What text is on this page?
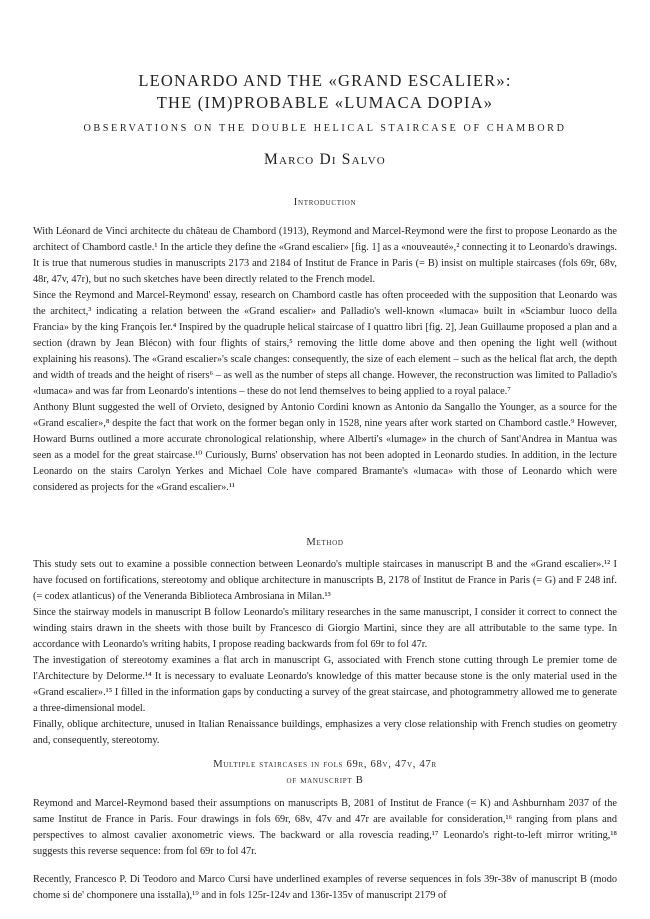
LEONARDO AND THE «GRAND ESCALIER»:
THE (IM)PROBABLE «LUMACA DOPIA»
OBSERVATIONS ON THE DOUBLE HELICAL STAIRCASE OF CHAMBORD
Marco Di Salvo
Introduction

With Léonard de Vinci architecte du château de Chambord (1913), Reymond and Marcel-Reymond were the first to propose Leonardo as the architect of Chambord castle.¹ In the article they define the «Grand escalier» [fig. 1] as a «nouveauté»,² connecting it to Leonardo's drawings. It is true that numerous studies in manuscripts 2173 and 2184 of Institut de France in Paris (= B) insist on multiple staircases (fols 69r, 68v, 48r, 47v, 47r), but no such sketches have been directly related to the French model.

Since the Reymond and Marcel-Reymond' essay, research on Chambord castle has often proceeded with the supposition that Leonardo was the architect,³ indicating a relation between the «Grand escalier» and Palladio's well-known «lumaca» built in «Sciambur luoco della Francia» by the king François Ier.⁴ Inspired by the quadruple helical staircase of I quattro libri [fig. 2], Jean Guillaume proposed a plan and a section (drawn by Jean Blécon) with four flights of stairs,⁵ removing the little dome above and then opening the light well (without explaining his reasons). The «Grand escalier»'s scale changes: consequently, the size of each element – such as the helical flat arch, the depth and width of treads and the height of risers⁶ – as well as the number of steps all change. However, the reconstruction was limited to Palladio's «lumaca» and was far from Leonardo's intentions – these do not lend themselves to being applied to a royal palace.⁷

Anthony Blunt suggested the well of Orvieto, designed by Antonio Cordini known as Antonio da Sangallo the Younger, as a source for the «Grand escalier»,⁸ despite the fact that work on the former began only in 1528, nine years after work started on Chambord castle.⁹ However, Howard Burns outlined a more accurate chronological relationship, where Alberti's «lumage» in the church of Sant'Andrea in Mantua was seen as a model for the great staircase.¹⁰ Curiously, Burns' observation has not been adopted in Leonardo studies. In addition, in the lecture Leonardo on the stairs Carolyn Yerkes and Michael Cole have compared Bramante's «lumaca» with those of Leonardo which were considered as projects for the «Grand escalier».¹¹

Method

This study sets out to examine a possible connection between Leonardo's multiple staircases in manuscript B and the «Grand escalier».¹² I have focused on fortifications, stereotomy and oblique architecture in manuscripts B, 2178 of Institut de France in Paris (= G) and F 248 inf. (= codex atlanticus) of the Veneranda Biblioteca Ambrosiana in Milan.¹³

Since the stairway models in manuscript B follow Leonardo's military researches in the same manuscript, I consider it correct to connect the winding stairs drawn in the sheets with those built by Francesco di Giorgio Martini, since they are all attributable to the same type. In accordance with Leonardo's writing habits, I propose reading backwards from fol 69r to fol 47r.

The investigation of stereotomy examines a flat arch in manuscript G, associated with French stone cutting through Le premier tome de l'Architecture by Delorme.¹⁴ It is necessary to evaluate Leonardo's knowledge of this matter because stone is the only material used in the «Grand escalier».¹⁵ I filled in the information gaps by conducting a survey of the great staircase, and photogrammetry allowed me to generate a three-dimensional model.

Finally, oblique architecture, unused in Italian Renaissance buildings, emphasizes a very close relationship with French studies on geometry and, consequently, stereotomy.

Multiple staircases in fols 69r, 68v, 47v, 47r
of manuscript B

Reymond and Marcel-Reymond based their assumptions on manuscripts B, 2081 of Institut de France (= K) and Ashburnham 2037 of the same Institut de France in Paris. Four drawings in fols 69r, 68v, 47v and 47r are available for consideration,¹⁶ ranging from plans and perspectives to almost cavalier axonometric views. The backward or alla rovescia reading,¹⁷ Leonardo's right-to-left mirror writing,¹⁸ suggests this reverse sequence: from fol 69r to fol 47r.

Recently, Francesco P. Di Teodoro and Marco Cursi have underlined examples of reverse sequences in fols 39r-38v of manuscript B (modo chome si de' chomponere una isstalla),¹⁹ and in fols 125r-124v and 136r-135v of manuscript 2179 of
